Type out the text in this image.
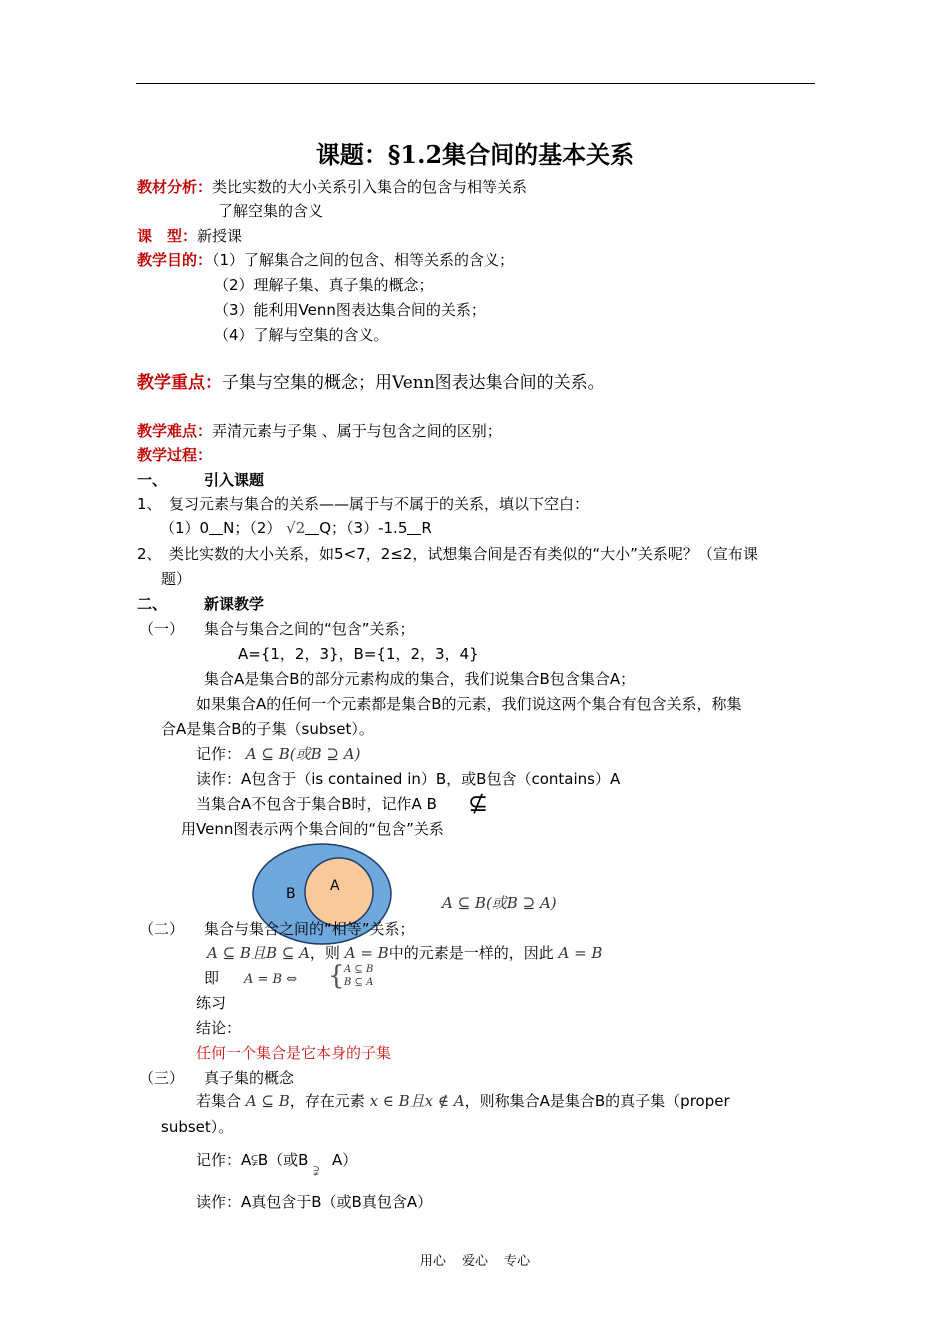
课题：§1.2集合间的基本关系
教材分析：类比实数的大小关系引入集合的包含与相等关系
了解空集的含义
课　型：新授课
教学目的：（1）了解集合之间的包含、相等关系的含义；
（2）理解子集、真子集的概念；
（3）能利用Venn图表达集合间的关系；
（4）了解与空集的含义。
教学重点：子集与空集的概念；用Venn图表达集合间的关系。
教学难点：弄清元素与子集 、属于与包含之间的区别；
教学过程：
一、 引入课题
1、　复习元素与集合的关系——属于与不属于的关系，填以下空白：
（1）0 N；（2） √2 Q；（3）-1.5 R
2、　类比实数的大小关系，如5<7，2≤2，试想集合间是否有类似的“大小”关系呢？（宣布课
题）
二、 新课教学
（一） 集合与集合之间的“包含”关系；
A={1，2，3}，B={1，2，3，4}
集合A是集合B的部分元素构成的集合，我们说集合B包含集合A；
如果集合A的任何一个元素都是集合B的元素，我们说这两个集合有包含关系，称集
合A是集合B的子集（subset）。
记作： A ⊆ B(或B ⊇ A)
读作：A包含于（is contained in）B，或B包含（contains）A
当集合A不包含于集合B时，记作A B ⊈
用Venn图表示两个集合间的“包含”关系
A
B	A ⊆ B(或B ⊇ A)
（二） 集合与集合之间的“相等”关系；
A ⊆ B且B ⊆ A，则 A = B中的元素是一样的，因此 A = B
即 A = B ⇔ { A ⊆ B
B ⊆ A
练习
结论：
任何一个集合是它本身的子集
（三） 真子集的概念
若集合 A ⊆ B，存在元素 x ∈ B且x ∉ A，则称集合A是集合B的真子集（proper
subset）。
记作：A⫋B（或B ⫌ A）
读作：A真包含于B（或B真包含A）
用心 爱心 专心
